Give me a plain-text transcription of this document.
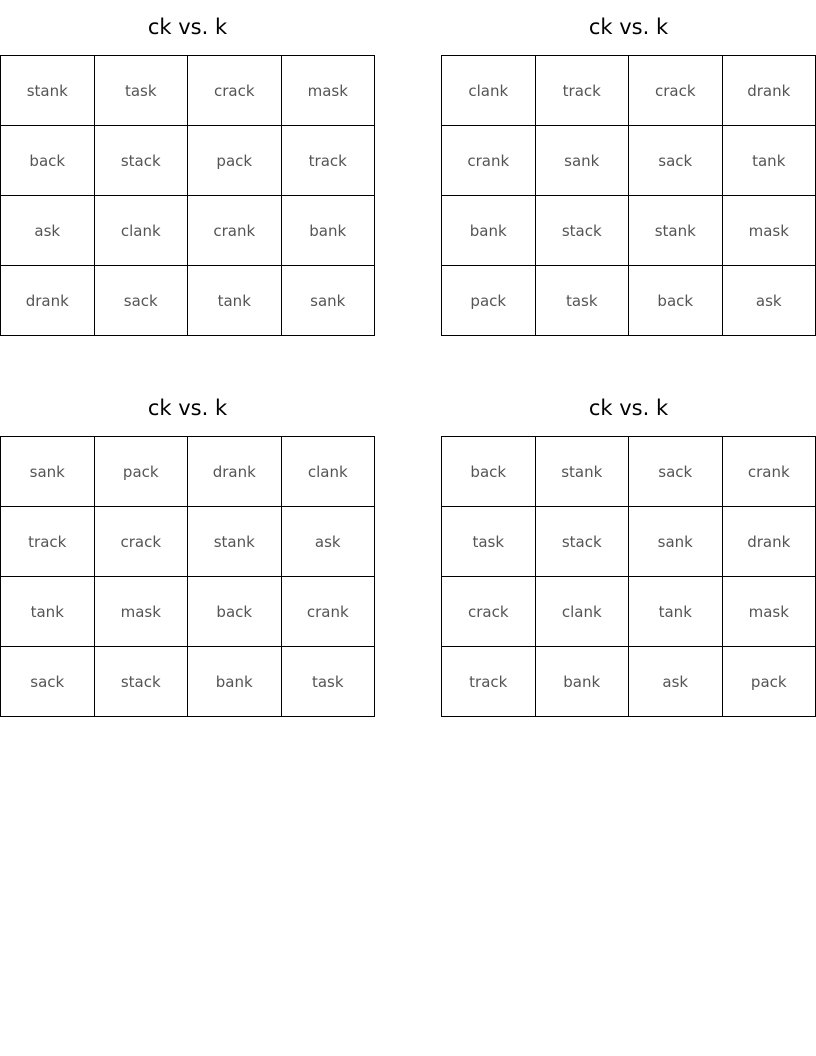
ck vs. k
stank	task	crack	mask
back	stack	pack	track
ask	clank	crank	bank
drank	sack	tank	sank
ck vs. k
clank	track	crack	drank
crank	sank	sack	tank
bank	stack	stank	mask
pack	task	back	ask
ck vs. k
sank	pack	drank	clank
track	crack	stank	ask
tank	mask	back	crank
sack	stack	bank	task
ck vs. k
back	stank	sack	crank
task	stack	sank	drank
crack	clank	tank	mask
track	bank	ask	pack
